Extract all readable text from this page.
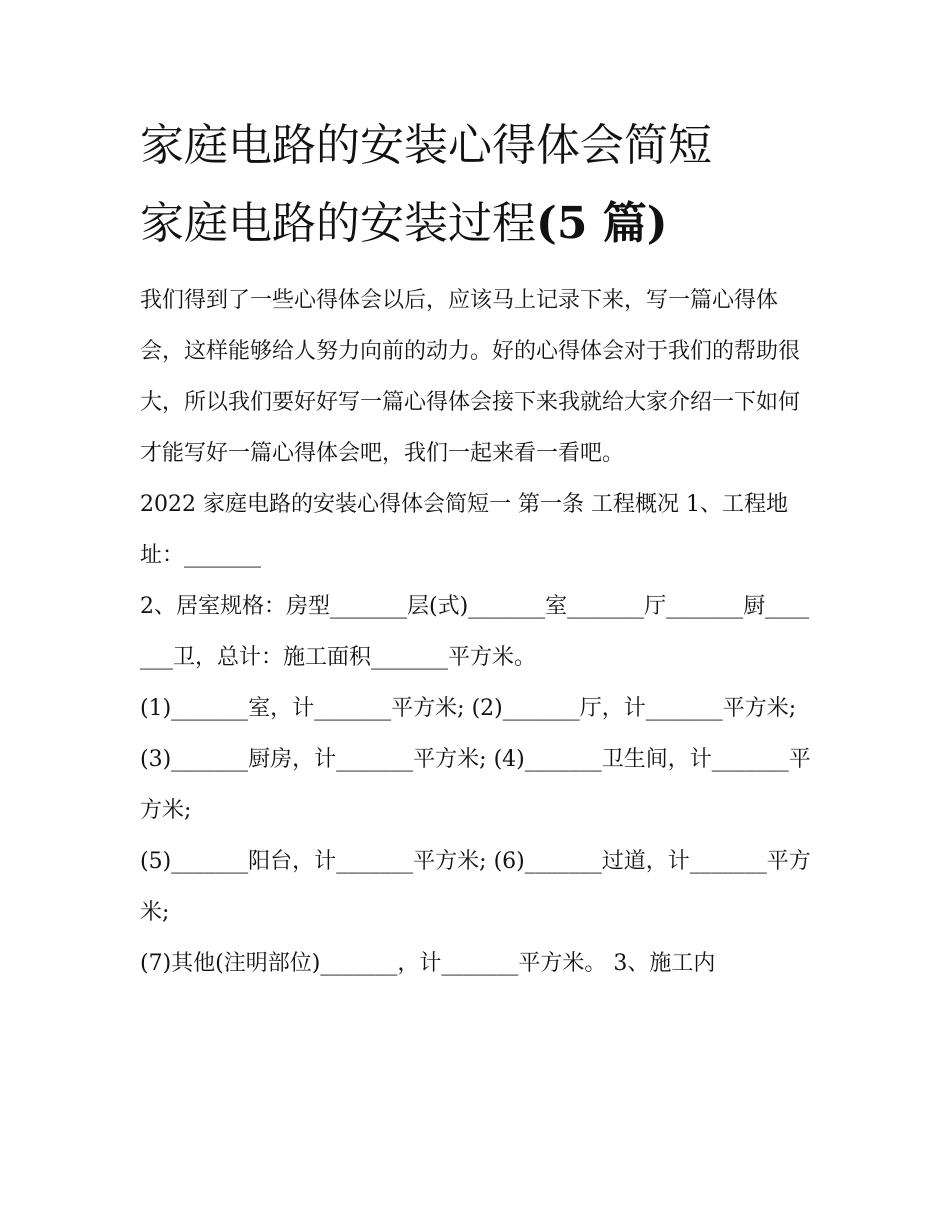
家庭电路的安装心得体会简短
家庭电路的安装过程(5 篇)

我们得到了一些心得体会以后，应该马上记录下来，写一篇心得体会，这样能够给人努力向前的动力。好的心得体会对于我们的帮助很大，所以我们要好好写一篇心得体会接下来我就给大家介绍一下如何才能写好一篇心得体会吧，我们一起来看一看吧。

2022 家庭电路的安装心得体会简短一 第一条 工程概况 1、工程地址：_______

2、居室规格：房型_______层(式)_______室_______厅_______厨_______卫，总计：施工面积_______平方米。

(1)_______室，计_______平方米; (2)_______厅，计_______平方米;

(3)_______厨房，计_______平方米; (4)_______卫生间，计_______平方米;

(5)_______阳台，计_______平方米; (6)_______过道，计_______平方米;

(7)其他(注明部位)_______，计_______平方米。 3、施工内
